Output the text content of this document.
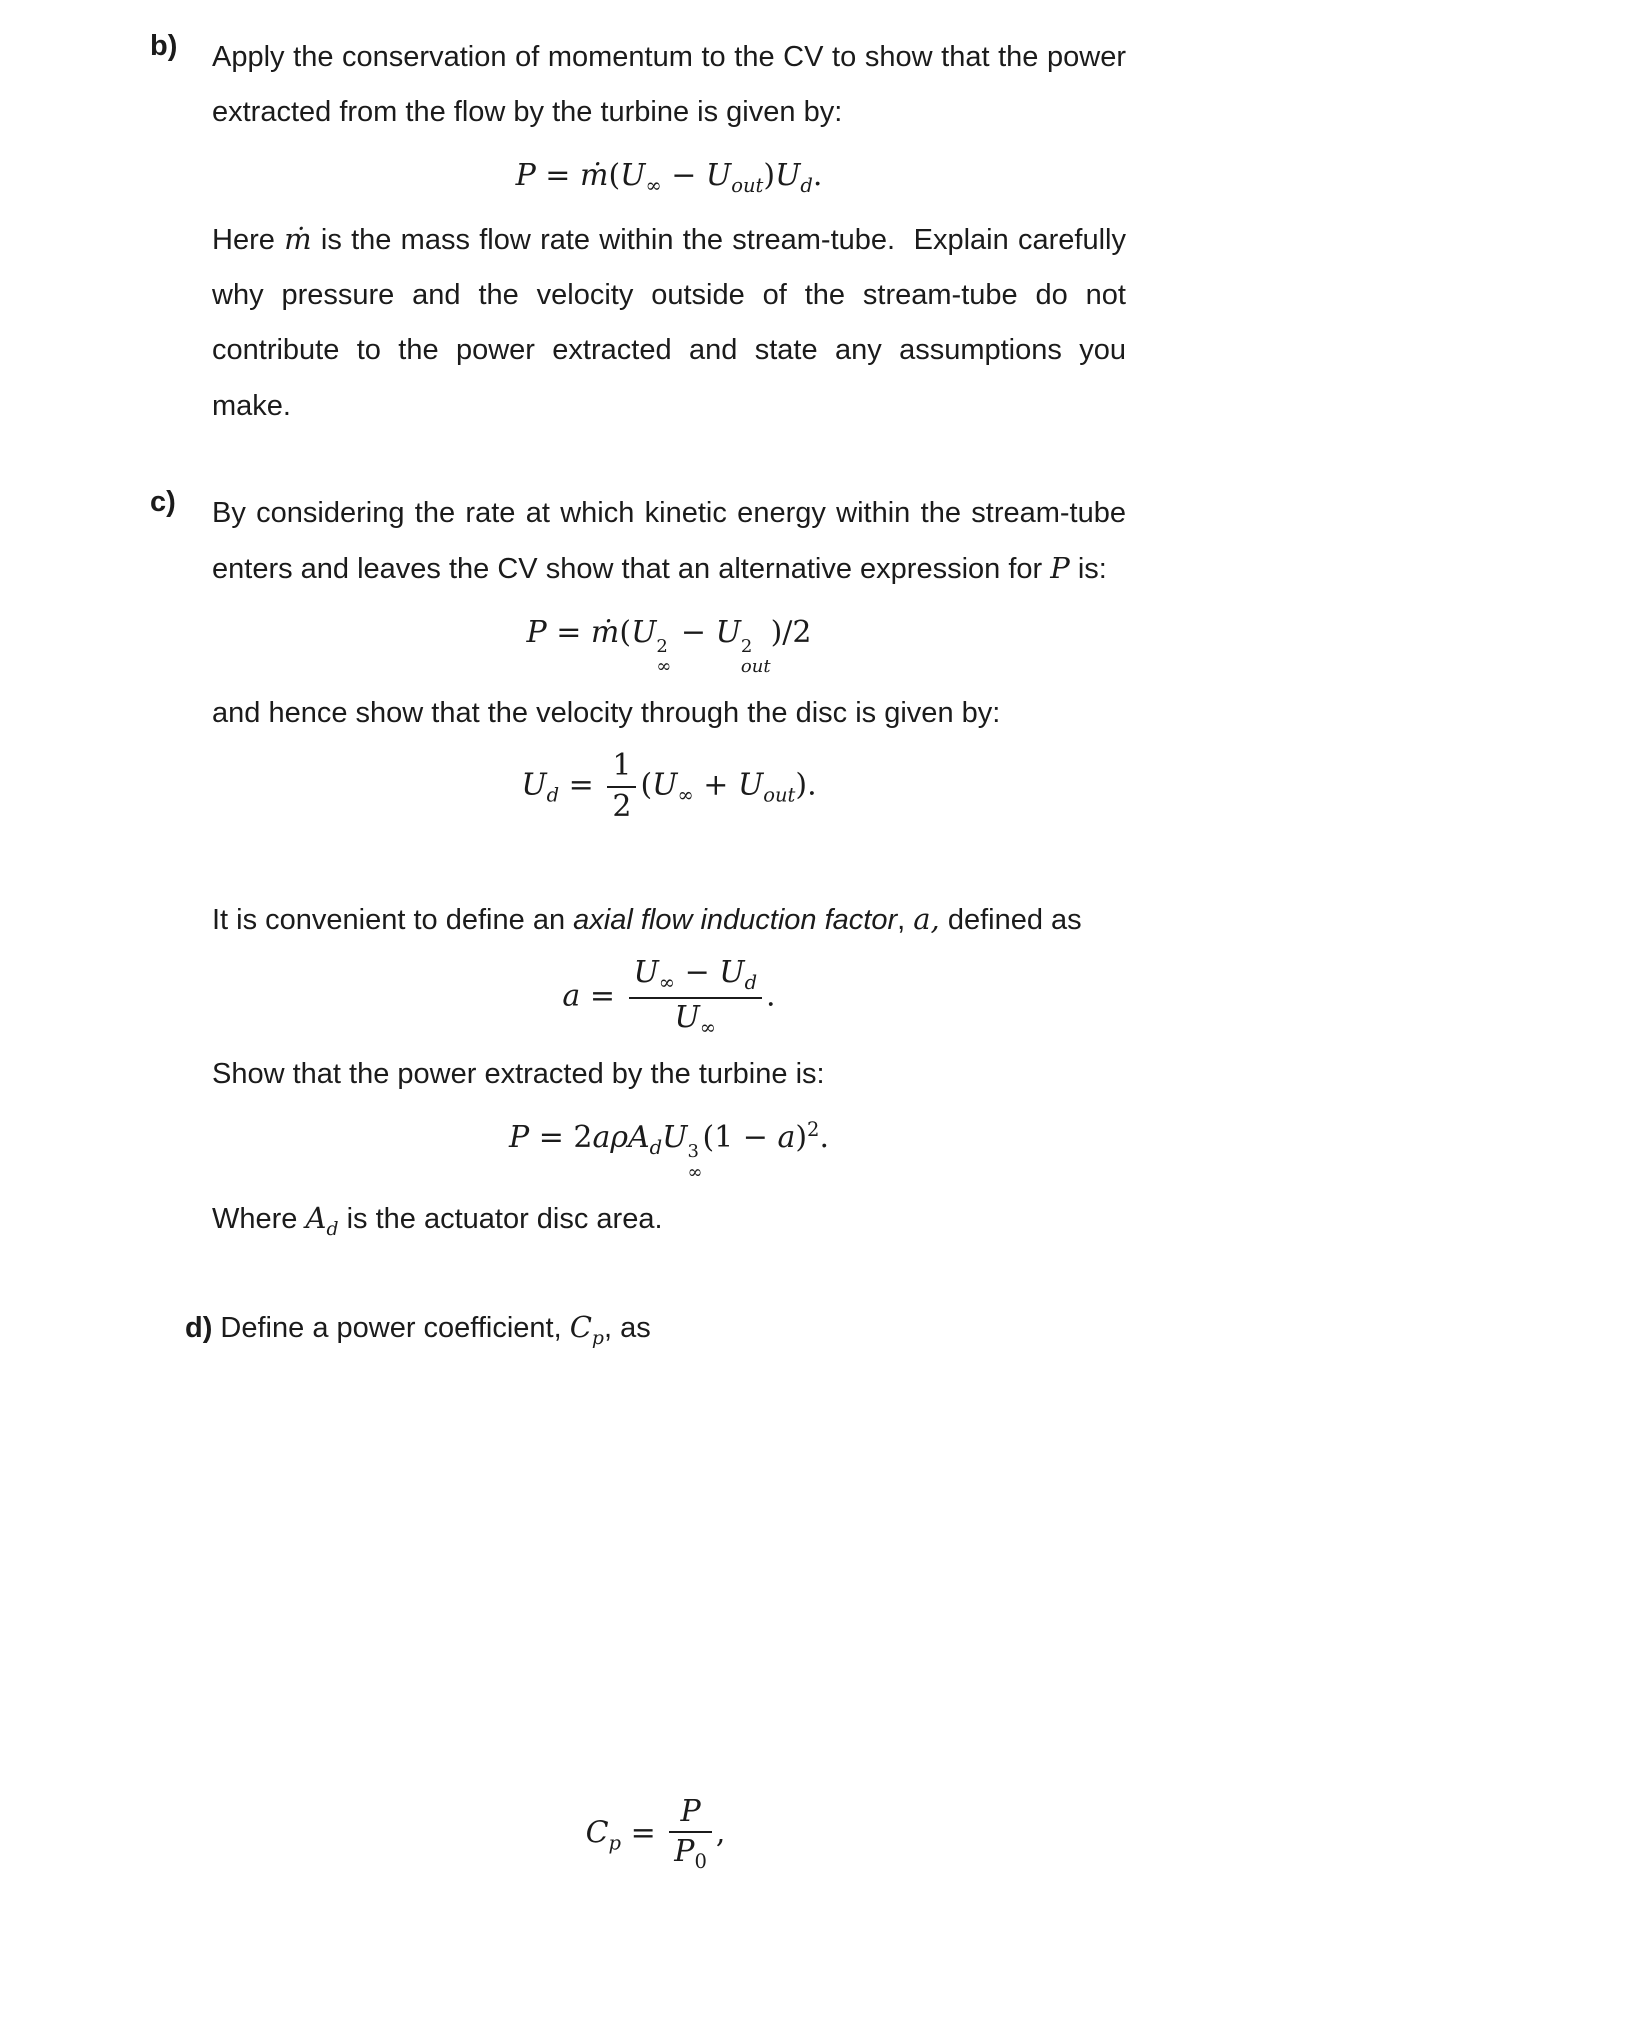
b)	Apply the conservation of momentum to the CV to show that the power extracted from the flow by the turbine is given by:
$P = ṁ(U_\infty - U_{out})U_d$.
Here ṁ is the mass flow rate within the stream-tube.  Explain carefully why pressure and the velocity outside of the stream-tube do not contribute to the power extracted and state any assumptions you make.
c)	By considering the rate at which kinetic energy within the stream-tube enters and leaves the CV show that an alternative expression for P is:
P = ṁ(U 2
∞
− U 2
out
)/2
and hence show that the velocity through the disc is given by:
$U_d = \frac{1}{2} (U_\infty + U_{out})$.
It is convenient to define an axial flow induction factor, a, defined as
$a = \frac{U_\infty - U_d}{U_\infty}$ .
Show that the power extracted by the turbine is:
P = 2aρA$_d$U 3
∞
$(1 - a)^2$.
Where $A_d$ is the actuator disc area.
d) Define a power coefficient, $C_p$, as
$C_p = \frac{P}{P_0}$ ,
